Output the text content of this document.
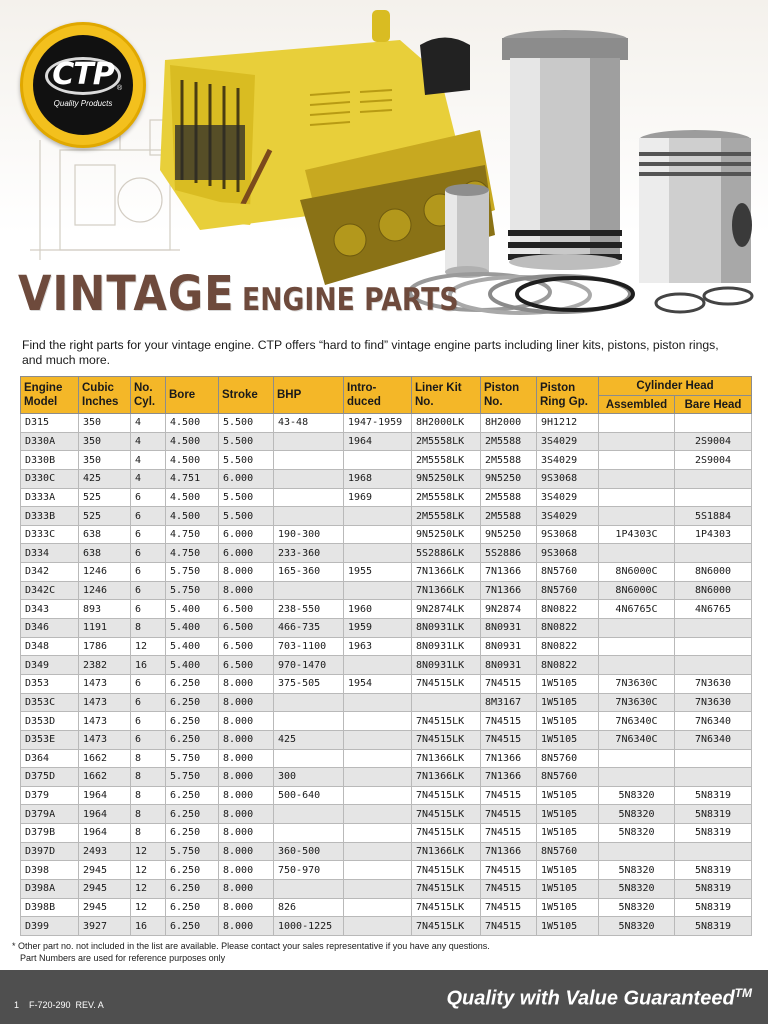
CTP ®
Quality Products
VINTAGE ENGINE PARTS
Find the right parts for your vintage engine. CTP offers “hard to find” vintage engine parts including liner kits, pistons, piston rings, and much more.
Engine Model	Cubic Inches	No. Cyl.	Bore	Stroke	BHP	Intro-duced	Liner Kit No.	Piston No.	Piston Ring Gp.	Cylinder Head	
										Assembled	Bare Head
D315	350	4	4.500	5.500	43-48	1947-1959	8H2000LK	8H2000	9H1212		
D330A	350	4	4.500	5.500		1964	2M5558LK	2M5588	3S4029		2S9004
D330B	350	4	4.500	5.500			2M5558LK	2M5588	3S4029		2S9004
D330C	425	4	4.751	6.000		1968	9N5250LK	9N5250	9S3068		
D333A	525	6	4.500	5.500		1969	2M5558LK	2M5588	3S4029		
D333B	525	6	4.500	5.500			2M5558LK	2M5588	3S4029		5S1884
D333C	638	6	4.750	6.000	190-300		9N5250LK	9N5250	9S3068	1P4303C	1P4303
D334	638	6	4.750	6.000	233-360		5S2886LK	5S2886	9S3068		
D342	1246	6	5.750	8.000	165-360	1955	7N1366LK	7N1366	8N5760	8N6000C	8N6000
D342C	1246	6	5.750	8.000			7N1366LK	7N1366	8N5760	8N6000C	8N6000
D343	893	6	5.400	6.500	238-550	1960	9N2874LK	9N2874	8N0822	4N6765C	4N6765
D346	1191	8	5.400	6.500	466-735	1959	8N0931LK	8N0931	8N0822		
D348	1786	12	5.400	6.500	703-1100	1963	8N0931LK	8N0931	8N0822		
D349	2382	16	5.400	6.500	970-1470		8N0931LK	8N0931	8N0822		
D353	1473	6	6.250	8.000	375-505	1954	7N4515LK	7N4515	1W5105	7N3630C	7N3630
D353C	1473	6	6.250	8.000				8M3167	1W5105	7N3630C	7N3630
D353D	1473	6	6.250	8.000			7N4515LK	7N4515	1W5105	7N6340C	7N6340
D353E	1473	6	6.250	8.000	425		7N4515LK	7N4515	1W5105	7N6340C	7N6340
D364	1662	8	5.750	8.000			7N1366LK	7N1366	8N5760		
D375D	1662	8	5.750	8.000	300		7N1366LK	7N1366	8N5760		
D379	1964	8	6.250	8.000	500-640		7N4515LK	7N4515	1W5105	5N8320	5N8319
D379A	1964	8	6.250	8.000			7N4515LK	7N4515	1W5105	5N8320	5N8319
D379B	1964	8	6.250	8.000			7N4515LK	7N4515	1W5105	5N8320	5N8319
D397D	2493	12	5.750	8.000	360-500		7N1366LK	7N1366	8N5760		
D398	2945	12	6.250	8.000	750-970		7N4515LK	7N4515	1W5105	5N8320	5N8319
D398A	2945	12	6.250	8.000			7N4515LK	7N4515	1W5105	5N8320	5N8319
D398B	2945	12	6.250	8.000	826		7N4515LK	7N4515	1W5105	5N8320	5N8319
D399	3927	16	6.250	8.000	1000-1225		7N4515LK	7N4515	1W5105	5N8320	5N8319
* Other part no. not included in the list are available. Please contact your sales representative if you have any questions.
Part Numbers are used for reference purposes only
1    F-720-290  REV. A	Quality with Value Guaranteed™
